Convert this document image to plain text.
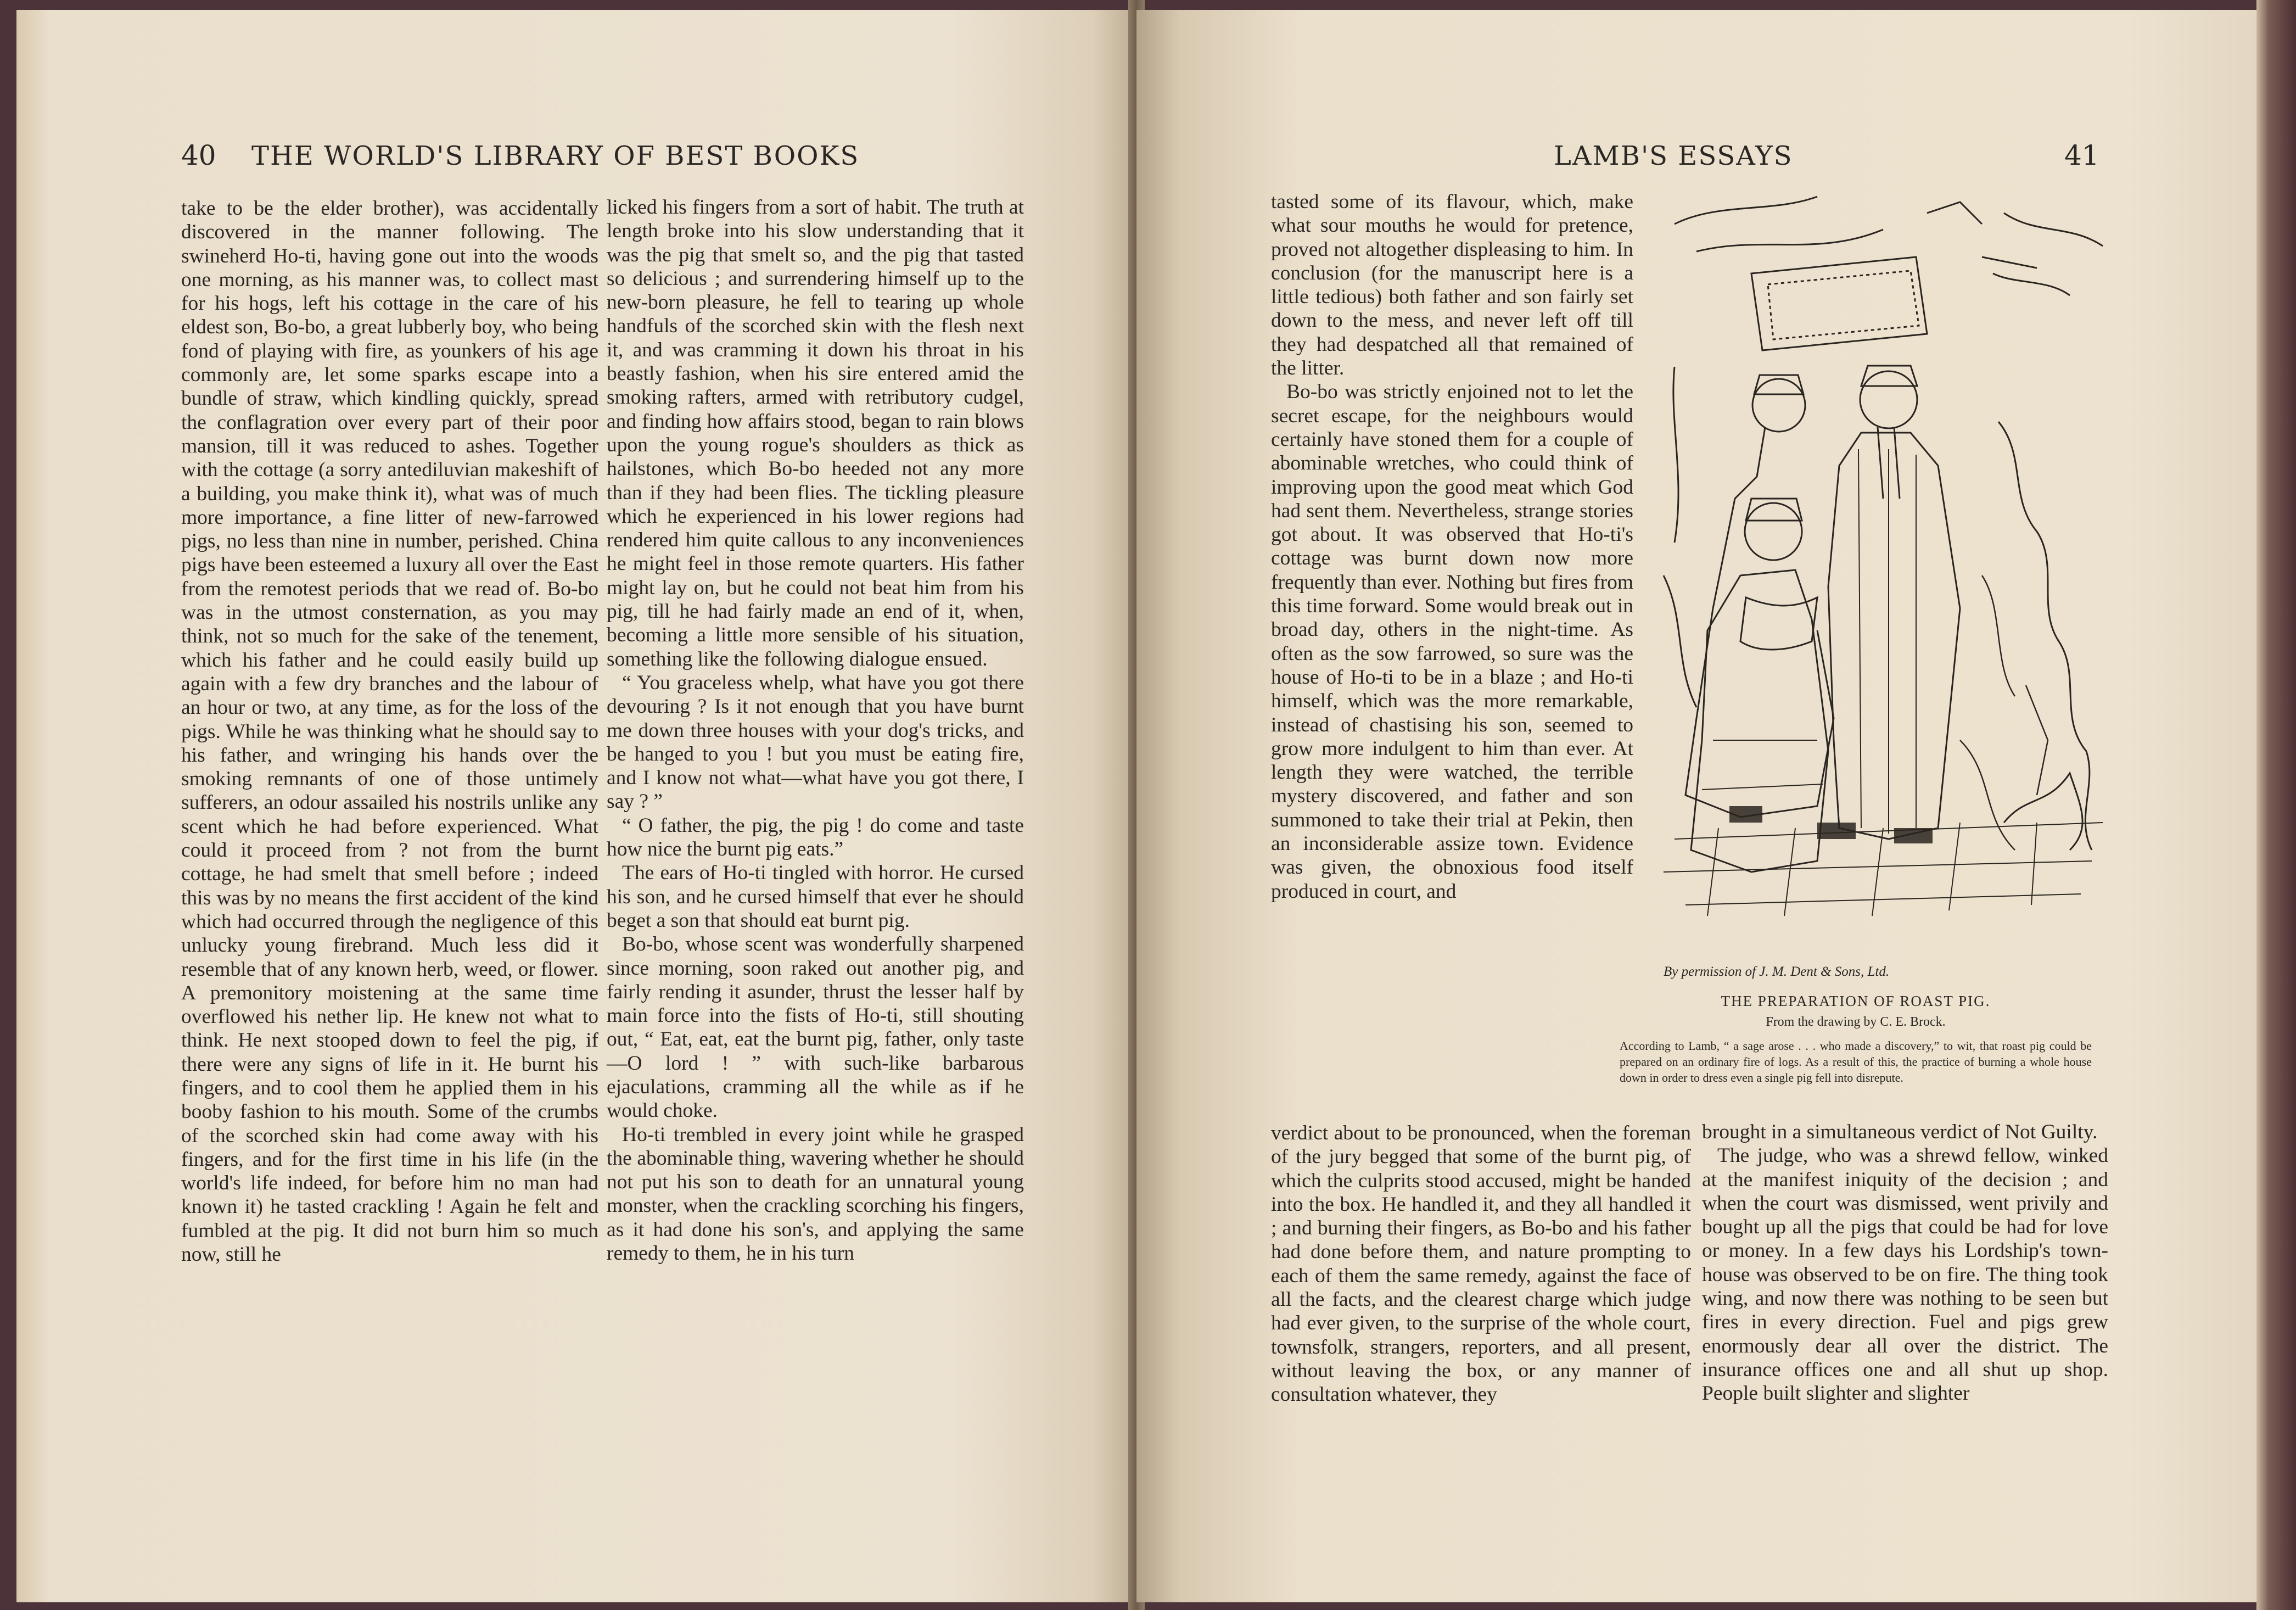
40 THE WORLD'S LIBRARY OF BEST BOOKS

take to be the elder brother), was accidentally discovered in the manner following. The swineherd Ho-ti, having gone out into the woods one morning, as his manner was, to collect mast for his hogs, left his cottage in the care of his eldest son, Bo-bo, a great lubberly boy, who being fond of playing with fire, as younkers of his age commonly are, let some sparks escape into a bundle of straw, which kindling quickly, spread the conflagration over every part of their poor mansion, till it was reduced to ashes. Together with the cottage (a sorry antediluvian makeshift of a building, you make think it), what was of much more importance, a fine litter of new-farrowed pigs, no less than nine in number, perished. China pigs have been esteemed a luxury all over the East from the remotest periods that we read of. Bo-bo was in the utmost consternation, as you may think, not so much for the sake of the tenement, which his father and he could easily build up again with a few dry branches and the labour of an hour or two, at any time, as for the loss of the pigs. While he was thinking what he should say to his father, and wringing his hands over the smoking remnants of one of those untimely sufferers, an odour assailed his nostrils unlike any scent which he had before experienced. What could it proceed from ? not from the burnt cottage, he had smelt that smell before ; indeed this was by no means the first accident of the kind which had occurred through the negligence of this unlucky young firebrand. Much less did it resemble that of any known herb, weed, or flower. A premonitory moistening at the same time overflowed his nether lip. He knew not what to think. He next stooped down to feel the pig, if there were any signs of life in it. He burnt his fingers, and to cool them he applied them in his booby fashion to his mouth. Some of the crumbs of the scorched skin had come away with his fingers, and for the first time in his life (in the world's life indeed, for before him no man had known it) he tasted crackling ! Again he felt and fumbled at the pig. It did not burn him so much now, still he

licked his fingers from a sort of habit. The truth at length broke into his slow understanding that it was the pig that smelt so, and the pig that tasted so delicious ; and surrendering himself up to the new-born pleasure, he fell to tearing up whole handfuls of the scorched skin with the flesh next it, and was cramming it down his throat in his beastly fashion, when his sire entered amid the smoking rafters, armed with retributory cudgel, and finding how affairs stood, began to rain blows upon the young rogue's shoulders as thick as hailstones, which Bo-bo heeded not any more than if they had been flies. The tickling pleasure which he experienced in his lower regions had rendered him quite callous to any inconveniences he might feel in those remote quarters. His father might lay on, but he could not beat him from his pig, till he had fairly made an end of it, when, becoming a little more sensible of his situation, something like the following dialogue ensued.

“ You graceless whelp, what have you got there devouring ? Is it not enough that you have burnt me down three houses with your dog's tricks, and be hanged to you ! but you must be eating fire, and I know not what—what have you got there, I say ? ”

“ O father, the pig, the pig ! do come and taste how nice the burnt pig eats.”

The ears of Ho-ti tingled with horror. He cursed his son, and he cursed himself that ever he should beget a son that should eat burnt pig.

Bo-bo, whose scent was wonderfully sharpened since morning, soon raked out another pig, and fairly rending it asunder, thrust the lesser half by main force into the fists of Ho-ti, still shouting out, “ Eat, eat, eat the burnt pig, father, only taste—O lord ! ” with such-like barbarous ejaculations, cramming all the while as if he would choke.

Ho-ti trembled in every joint while he grasped the abominable thing, wavering whether he should not put his son to death for an unnatural young monster, when the crackling scorching his fingers, as it had done his son's, and applying the same remedy to them, he in his turn

LAMB'S ESSAYS	41

tasted some of its flavour, which, make what sour mouths he would for pretence, proved not altogether displeasing to him. In conclusion (for the manuscript here is a little tedious) both father and son fairly set down to the mess, and never left off till they had despatched all that remained of the litter.

Bo-bo was strictly enjoined not to let the secret escape, for the neighbours would certainly have stoned them for a couple of abominable wretches, who could think of improving upon the good meat which God had sent them. Nevertheless, strange stories got about. It was observed that Ho-ti's cottage was burnt down now more frequently than ever. Nothing but fires from this time forward. Some would break out in broad day, others in the night-time. As often as the sow farrowed, so sure was the house of Ho-ti to be in a blaze ; and Ho-ti himself, which was the more remarkable, instead of chastising his son, seemed to grow more indulgent to him than ever. At length they were watched, the terrible mystery discovered, and father and son summoned to take their trial at Pekin, then an inconsiderable assize town. Evidence was given, the obnoxious food itself produced in court, and

By permission of J. M. Dent & Sons, Ltd.
THE PREPARATION OF ROAST PIG.
From the drawing by C. E. Brock.
According to Lamb, “ a sage arose . . . who made a discovery,” to wit, that roast pig could be prepared on an ordinary fire of logs. As a result of this, the practice of burning a whole house down in order to dress even a single pig fell into disrepute.

verdict about to be pronounced, when the foreman of the jury begged that some of the burnt pig, of which the culprits stood accused, might be handed into the box. He handled it, and they all handled it ; and burning their fingers, as Bo-bo and his father had done before them, and nature prompting to each of them the same remedy, against the face of all the facts, and the clearest charge which judge had ever given, to the surprise of the whole court, townsfolk, strangers, reporters, and all present, without leaving the box, or any manner of consultation whatever, they

brought in a simultaneous verdict of Not Guilty.

The judge, who was a shrewd fellow, winked at the manifest iniquity of the decision ; and when the court was dismissed, went privily and bought up all the pigs that could be had for love or money. In a few days his Lordship's town-house was observed to be on fire. The thing took wing, and now there was nothing to be seen but fires in every direction. Fuel and pigs grew enormously dear all over the district. The insurance offices one and all shut up shop. People built slighter and slighter
